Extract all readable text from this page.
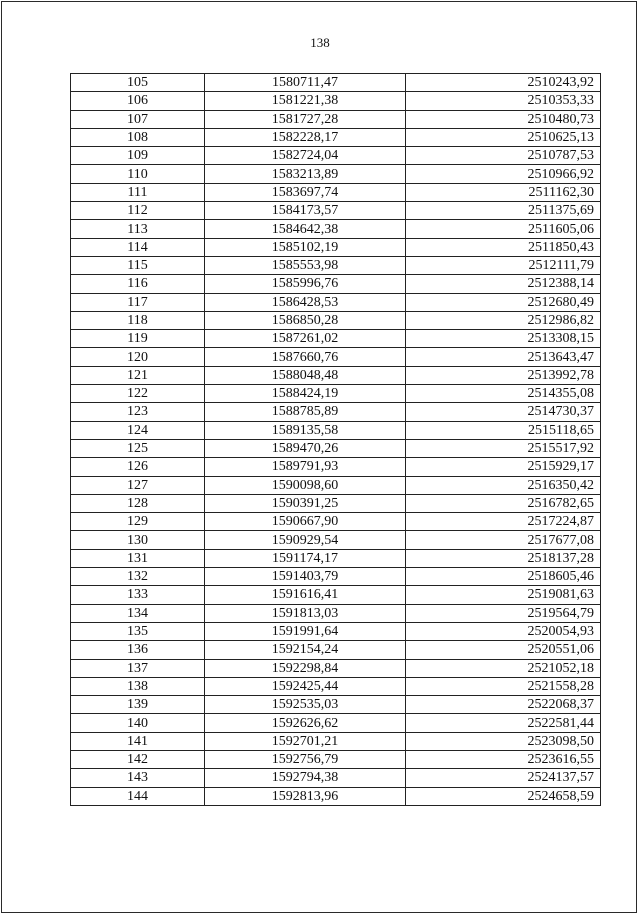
138
105	1580711,47	2510243,92
106	1581221,38	2510353,33
107	1581727,28	2510480,73
108	1582228,17	2510625,13
109	1582724,04	2510787,53
110	1583213,89	2510966,92
111	1583697,74	2511162,30
112	1584173,57	2511375,69
113	1584642,38	2511605,06
114	1585102,19	2511850,43
115	1585553,98	2512111,79
116	1585996,76	2512388,14
117	1586428,53	2512680,49
118	1586850,28	2512986,82
119	1587261,02	2513308,15
120	1587660,76	2513643,47
121	1588048,48	2513992,78
122	1588424,19	2514355,08
123	1588785,89	2514730,37
124	1589135,58	2515118,65
125	1589470,26	2515517,92
126	1589791,93	2515929,17
127	1590098,60	2516350,42
128	1590391,25	2516782,65
129	1590667,90	2517224,87
130	1590929,54	2517677,08
131	1591174,17	2518137,28
132	1591403,79	2518605,46
133	1591616,41	2519081,63
134	1591813,03	2519564,79
135	1591991,64	2520054,93
136	1592154,24	2520551,06
137	1592298,84	2521052,18
138	1592425,44	2521558,28
139	1592535,03	2522068,37
140	1592626,62	2522581,44
141	1592701,21	2523098,50
142	1592756,79	2523616,55
143	1592794,38	2524137,57
144	1592813,96	2524658,59
